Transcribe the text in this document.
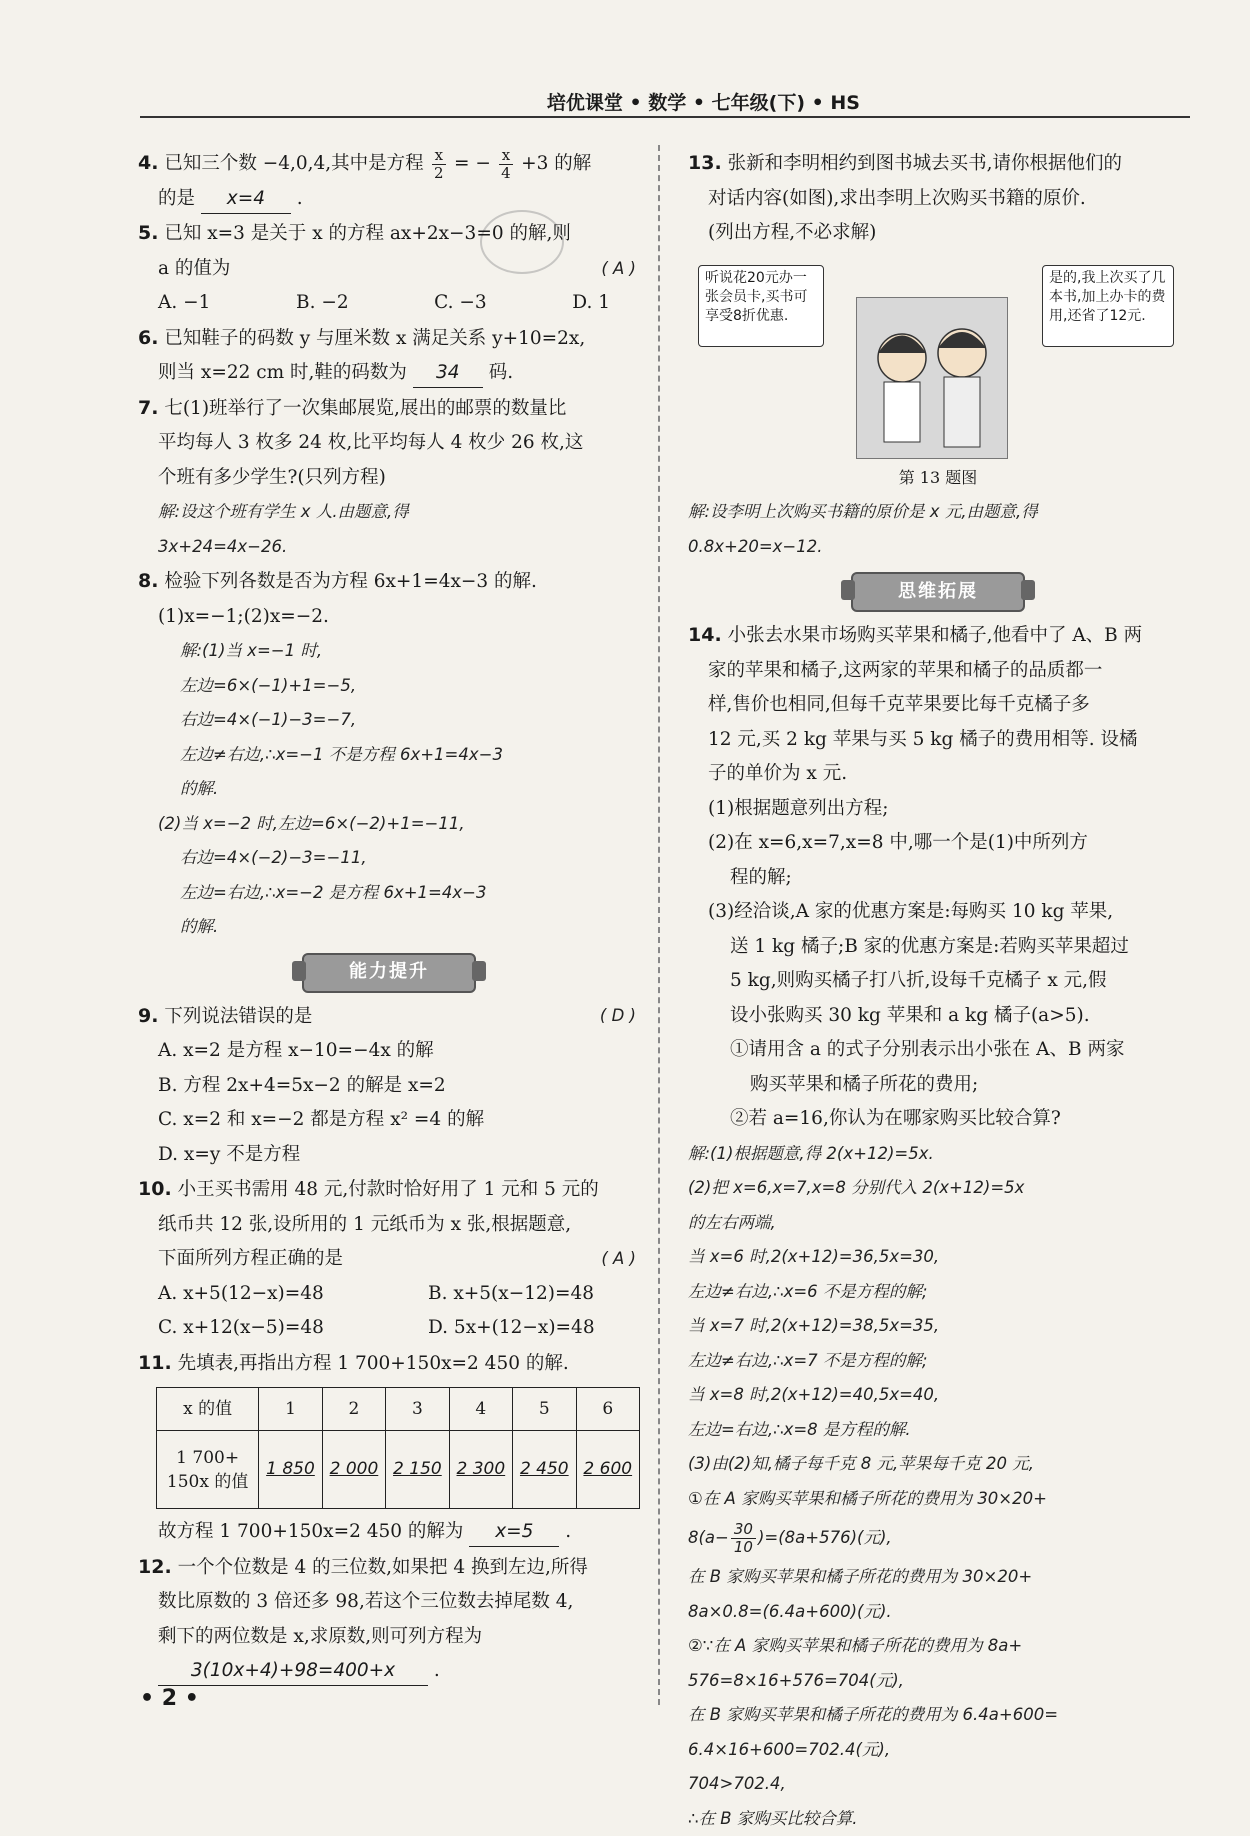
培优课堂 • 数学 • 七年级(下) • HS
4. 已知三个数 −4,0,4,其中是方程 $\frac{x}{2}$ = − $\frac{x}{4} +3$ 的解
的是 x=4 .
5. 已知 x=3 是关于 x 的方程 ax+2x−3=0 的解,则
a 的值为	( A )
A. −1	B. −2	C. −3	D. 1
6. 已知鞋子的码数 y 与厘米数 x 满足关系 y+10=2x,
则当 x=22 cm 时,鞋的码数为 34 码.
7. 七(1)班举行了一次集邮展览,展出的邮票的数量比
平均每人 3 枚多 24 枚,比平均每人 4 枚少 26 枚,这
个班有多少学生?(只列方程)
解:设这个班有学生 x 人.由题意,得
3x+24=4x−26.
8. 检验下列各数是否为方程 6x+1=4x−3 的解.
(1)x=−1;(2)x=−2.
解:(1)当 x=−1 时,
左边=6×(−1)+1=−5,
右边=4×(−1)−3=−7,
左边≠右边,∴x=−1 不是方程 6x+1=4x−3
的解.
(2)当 x=−2 时,左边=6×(−2)+1=−11,
右边=4×(−2)−3=−11,
左边=右边,∴x=−2 是方程 6x+1=4x−3
的解.
能力提升
9. 下列说法错误的是	( D )
A. x=2 是方程 x−10=−4x 的解
B. 方程 2x+4=5x−2 的解是 x=2
C. x=2 和 x=−2 都是方程 x² =4 的解
D. x=y 不是方程
10. 小王买书需用 48 元,付款时恰好用了 1 元和 5 元的
纸币共 12 张,设所用的 1 元纸币为 x 张,根据题意,
下面所列方程正确的是	( A )
A. x+5(12−x)=48	B. x+5(x−12)=48
C. x+12(x−5)=48	D. 5x+(12−x)=48
11. 先填表,再指出方程 1 700+150x=2 450 的解.
x 的值	1	2	3	4	5	6
1 700+ 150x 的值	1 850	2 000	2 150	2 300	2 450	2 600
故方程 1 700+150x=2 450 的解为 x=5 .
12. 一个个位数是 4 的三位数,如果把 4 换到左边,所得
数比原数的 3 倍还多 98,若这个三位数去掉尾数 4,
剩下的两位数是 x,求原数,则可列方程为
3(10x+4)+98=400+x .
13. 张新和李明相约到图书城去买书,请你根据他们的
对话内容(如图),求出李明上次购买书籍的原价.
(列出方程,不必求解)
听说花20元办一张会员卡,买书可享受8折优惠.
是的,我上次买了几本书,加上办卡的费用,还省了12元.
第 13 题图
解:设李明上次购买书籍的原价是 x 元,由题意,得
0.8x+20=x−12.
思维拓展
14. 小张去水果市场购买苹果和橘子,他看中了 A、B 两
家的苹果和橘子,这两家的苹果和橘子的品质都一
样,售价也相同,但每千克苹果要比每千克橘子多
12 元,买 2 kg 苹果与买 5 kg 橘子的费用相等. 设橘
子的单价为 x 元.
(1)根据题意列出方程;
(2)在 x=6,x=7,x=8 中,哪一个是(1)中所列方
程的解;
(3)经洽谈,A 家的优惠方案是:每购买 10 kg 苹果,
送 1 kg 橘子;B 家的优惠方案是:若购买苹果超过
5 kg,则购买橘子打八折,设每千克橘子 x 元,假
设小张购买 30 kg 苹果和 a kg 橘子(a>5).
①请用含 a 的式子分别表示出小张在 A、B 两家
购买苹果和橘子所花的费用;
②若 a=16,你认为在哪家购买比较合算?
解:(1)根据题意,得 2(x+12)=5x.
(2)把 x=6,x=7,x=8 分别代入 2(x+12)=5x
的左右两端,
当 x=6 时,2(x+12)=36,5x=30,
左边≠右边,∴x=6 不是方程的解;
当 x=7 时,2(x+12)=38,5x=35,
左边≠右边,∴x=7 不是方程的解;
当 x=8 时,2(x+12)=40,5x=40,
左边=右边,∴x=8 是方程的解.
(3)由(2)知,橘子每千克 8 元,苹果每千克 20 元,
①在 A 家购买苹果和橘子所花的费用为 30×20+
$8(a- \frac{30}{10} )=(8a+576)$(元),
在 B 家购买苹果和橘子所花的费用为 30×20+
8a×0.8=(6.4a+600)(元).
②∵在 A 家购买苹果和橘子所花的费用为 8a+
576=8×16+576=704(元),
在 B 家购买苹果和橘子所花的费用为 6.4a+600=
6.4×16+600=702.4(元),
704>702.4,
∴在 B 家购买比较合算.
• 2 •
